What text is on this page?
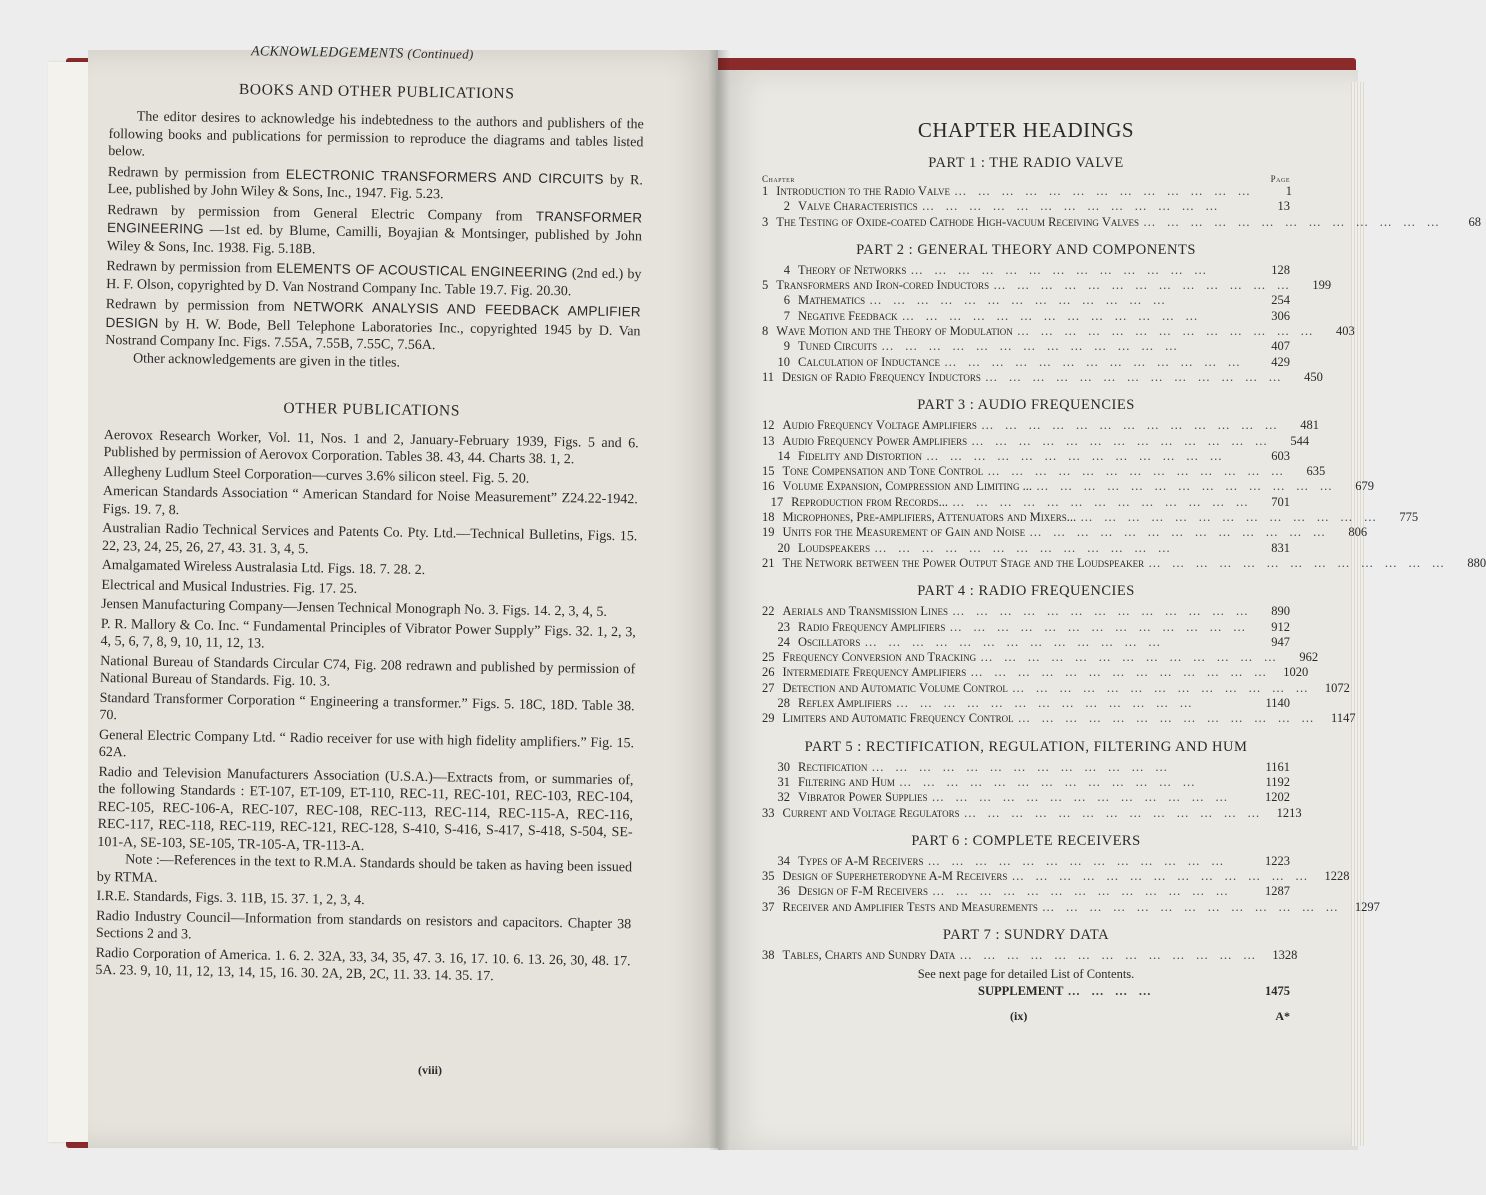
ACKNOWLEDGEMENTS (Continued)
BOOKS AND OTHER PUBLICATIONS

The editor desires to acknowledge his indebtedness to the authors and publishers of the following books and publications for permission to reproduce the diagrams and tables listed below.

Redrawn by permission from ELECTRONIC TRANSFORMERS AND CIRCUITS by R. Lee, published by John Wiley & Sons, Inc., 1947. Fig. 5.23.

Redrawn by permission from General Electric Company from TRANSFORMER ENGINEERING —1st ed. by Blume, Camilli, Boyajian & Montsinger, published by John Wiley & Sons, Inc. 1938. Fig. 5.18B.

Redrawn by permission from ELEMENTS OF ACOUSTICAL ENGINEERING (2nd ed.) by H. F. Olson, copyrighted by D. Van Nostrand Company Inc. Table 19.7. Fig. 20.30.

Redrawn by permission from NETWORK ANALYSIS AND FEEDBACK AMPLIFIER DESIGN by H. W. Bode, Bell Telephone Laboratories Inc., copyrighted 1945 by D. Van Nostrand Company Inc. Figs. 7.55A, 7.55B, 7.55C, 7.56A.

Other acknowledgements are given in the titles.

OTHER PUBLICATIONS

Aerovox Research Worker, Vol. 11, Nos. 1 and 2, January-February 1939, Figs. 5 and 6. Published by permission of Aerovox Corporation. Tables 38. 43, 44. Charts 38. 1, 2.

Allegheny Ludlum Steel Corporation—curves 3.6% silicon steel. Fig. 5. 20.

American Standards Association “ American Standard for Noise Measurement” Z24.22-1942. Figs. 19. 7, 8.

Australian Radio Technical Services and Patents Co. Pty. Ltd.—Technical Bulletins, Figs. 15. 22, 23, 24, 25, 26, 27, 43. 31. 3, 4, 5.

Amalgamated Wireless Australasia Ltd. Figs. 18. 7. 28. 2.

Electrical and Musical Industries. Fig. 17. 25.

Jensen Manufacturing Company—Jensen Technical Monograph No. 3. Figs. 14. 2, 3, 4, 5.

P. R. Mallory & Co. Inc. “ Fundamental Principles of Vibrator Power Supply” Figs. 32. 1, 2, 3, 4, 5, 6, 7, 8, 9, 10, 11, 12, 13.

National Bureau of Standards Circular C74, Fig. 208 redrawn and published by permission of National Bureau of Standards. Fig. 10. 3.

Standard Transformer Corporation “ Engineering a transformer.” Figs. 5. 18C, 18D. Table 38. 70.

General Electric Company Ltd. “ Radio receiver for use with high fidelity amplifiers.” Fig. 15. 62A.

Radio and Television Manufacturers Association (U.S.A.)—Extracts from, or summaries of, the following Standards : ET-107, ET-109, ET-110, REC-11, REC-101, REC-103, REC-104, REC-105, REC-106-A, REC-107, REC-108, REC-113, REC-114, REC-115-A, REC-116, REC-117, REC-118, REC-119, REC-121, REC-128, S-410, S-416, S-417, S-418, S-504, SE-101-A, SE-103, SE-105, TR-105-A, TR-113-A.

Note :—References in the text to R.M.A. Standards should be taken as having been issued by RTMA.

I.R.E. Standards, Figs. 3. 11B, 15. 37. 1, 2, 3, 4.

Radio Industry Council—Information from standards on resistors and capacitors. Chapter 38 Sections 2 and 3.

Radio Corporation of America. 1. 6. 2. 32A, 33, 34, 35, 47. 3. 16, 17. 10. 6. 13. 26, 30, 48. 17. 5A. 23. 9, 10, 11, 12, 13, 14, 15, 16. 30. 2A, 2B, 2C, 11. 33. 14. 35. 17.

(viii)
CHAPTER HEADINGS
PART 1 : THE RADIO VALVE
Chapter	Page
1 Introduction to the Radio Valve … … … … … … … … … … … … …	1
2 Valve Characteristics … … … … … … … … … … … … …	13
3 The Testing of Oxide-coated Cathode High-vacuum Receiving Valves … … … … … … … … … … … … …	68
PART 2 : GENERAL THEORY AND COMPONENTS
4 Theory of Networks … … … … … … … … … … … … …	128
5 Transformers and Iron-cored Inductors … … … … … … … … … … … … …	199
6 Mathematics … … … … … … … … … … … … …	254
7 Negative Feedback … … … … … … … … … … … … …	306
8 Wave Motion and the Theory of Modulation … … … … … … … … … … … … …	403
9 Tuned Circuits … … … … … … … … … … … … …	407
10 Calculation of Inductance … … … … … … … … … … … … …	429
11 Design of Radio Frequency Inductors … … … … … … … … … … … … …	450
PART 3 : AUDIO FREQUENCIES
12 Audio Frequency Voltage Amplifiers … … … … … … … … … … … … …	481
13 Audio Frequency Power Amplifiers … … … … … … … … … … … … …	544
14 Fidelity and Distortion … … … … … … … … … … … … …	603
15 Tone Compensation and Tone Control … … … … … … … … … … … … …	635
16 Volume Expansion, Compression and Limiting ... … … … … … … … … … … … … …	679
17 Reproduction from Records... … … … … … … … … … … … … …	701
18 Microphones, Pre-amplifiers, Attenuators and Mixers... … … … … … … … … … … … … …	775
19 Units for the Measurement of Gain and Noise … … … … … … … … … … … … …	806
20 Loudspeakers … … … … … … … … … … … … …	831
21 The Network between the Power Output Stage and the Loudspeaker … … … … … … … … … … … … …	880
PART 4 : RADIO FREQUENCIES
22 Aerials and Transmission Lines … … … … … … … … … … … … …	890
23 Radio Frequency Amplifiers … … … … … … … … … … … … …	912
24 Oscillators … … … … … … … … … … … … …	947
25 Frequency Conversion and Tracking … … … … … … … … … … … … …	962
26 Intermediate Frequency Amplifiers … … … … … … … … … … … … …	1020
27 Detection and Automatic Volume Control … … … … … … … … … … … … …	1072
28 Reflex Amplifiers … … … … … … … … … … … … …	1140
29 Limiters and Automatic Frequency Control … … … … … … … … … … … … …	1147
PART 5 : RECTIFICATION, REGULATION, FILTERING AND HUM
30 Rectification … … … … … … … … … … … … …	1161
31 Filtering and Hum … … … … … … … … … … … … …	1192
32 Vibrator Power Supplies … … … … … … … … … … … … …	1202
33 Current and Voltage Regulators … … … … … … … … … … … … …	1213
PART 6 : COMPLETE RECEIVERS
34 Types of A-M Receivers … … … … … … … … … … … … …	1223
35 Design of Superheterodyne A-M Receivers … … … … … … … … … … … … …	1228
36 Design of F-M Receivers … … … … … … … … … … … … …	1287
37 Receiver and Amplifier Tests and Measurements … … … … … … … … … … … … …	1297
PART 7 : SUNDRY DATA
38 Tables, Charts and Sundry Data … … … … … … … … … … … … …	1328
See next page for detailed List of Contents.
SUPPLEMENT … … … …	1475
(ix)	A*
